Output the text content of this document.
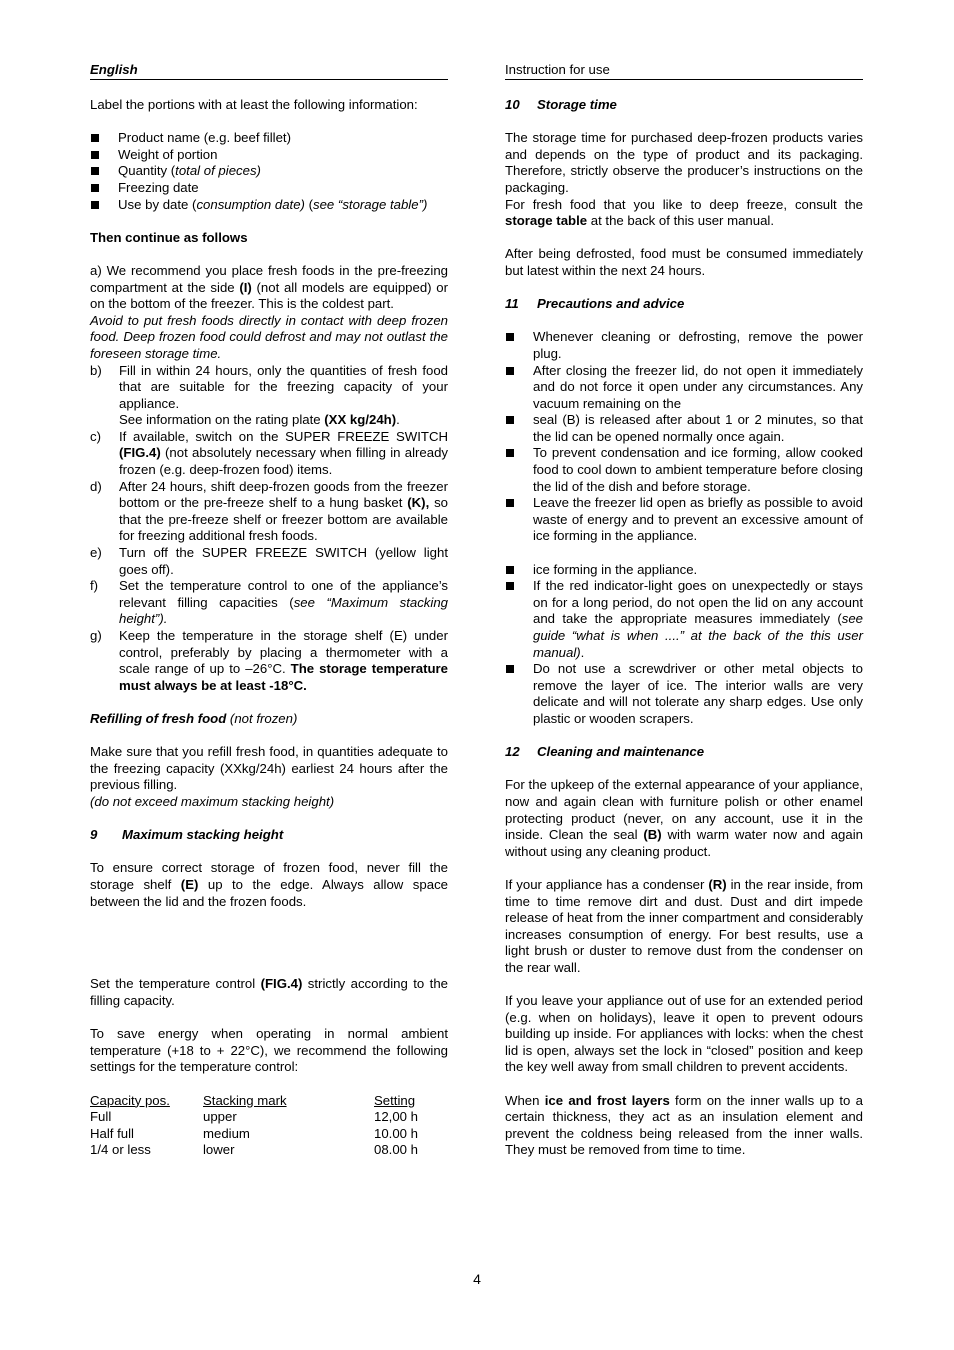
English

Label the portions with at least the following information:

Product name (e.g. beef fillet)
Weight of portion
Quantity (total of pieces)
Freezing date
Use by date (consumption date) (see “storage table”)
Then continue as follows

a) We recommend you place fresh foods in the pre-freezing compartment at the side (I) (not all models are equipped) or on the bottom of the freezer. This is the coldest part.

Avoid to put fresh foods directly in contact with deep frozen food. Deep frozen food could defrost and may not outlast the foreseen storage time.

b) Fill in within 24 hours, only the quantities of fresh food that are suitable for the freezing capacity of your appliance.
See information on the rating plate (XX kg/24h).
c) If available, switch on the SUPER FREEZE SWITCH (FIG.4) (not absolutely necessary when filling in already frozen (e.g. deep-frozen food) items.
d) After 24 hours, shift deep-frozen goods from the freezer bottom or the pre-freeze shelf to a hung basket (K), so that the pre-freeze shelf or freezer bottom are available for freezing additional fresh foods.
e) Turn off the SUPER FREEZE SWITCH (yellow light goes off).
f) Set the temperature control to one of the appliance’s relevant filling capacities (see “Maximum stacking height”).
g) Keep the temperature in the storage shelf (E) under control, preferably by placing a thermometer with a scale range of up to –26°C. The storage temperature must always be at least -18°C.
Refilling of fresh food (not frozen)

Make sure that you refill fresh food, in quantities adequate to the freezing capacity (XXkg/24h) earliest 24 hours after the previous filling.

(do not exceed maximum stacking height)

9 Maximum stacking height

To ensure correct storage of frozen food, never fill the storage shelf (E) up to the edge. Always allow space between the lid and the frozen foods.

Set the temperature control (FIG.4) strictly according to the filling capacity.

To save energy when operating in normal ambient temperature (+18 to + 22°C), we recommend the following settings for the temperature control:

Capacity pos.	Stacking mark	Setting
Full	upper	12,00 h
Half full	medium	10.00 h
1/4 or less	lower	08.00 h
Instruction for use
10 Storage time

The storage time for purchased deep-frozen products varies and depends on the type of product and its packaging. Therefore, strictly observe the producer’s instructions on the packaging.

For fresh food that you like to deep freeze, consult the storage table at the back of this user manual.

After being defrosted, food must be consumed immediately but latest within the next 24 hours.

11 Precautions and advice
Whenever cleaning or defrosting, remove the power plug.
After closing the freezer lid, do not open it immediately and do not force it open under any circumstances. Any vacuum remaining on the
seal (B) is released after about 1 or 2 minutes, so that the lid can be opened normally once again.
To prevent condensation and ice forming, allow cooked food to cool down to ambient temperature before closing the lid of the dish and before storage.
Leave the freezer lid open as briefly as possible to avoid waste of energy and to prevent an excessive amount of ice forming in the appliance.
ice forming in the appliance.
If the red indicator-light goes on unexpectedly or stays on for a long period, do not open the lid on any account and take the appropriate measures immediately (see guide “what is when ....” at the back of the this user manual).
Do not use a screwdriver or other metal objects to remove the layer of ice. The interior walls are very delicate and will not tolerate any sharp edges. Use only plastic or wooden scrapers.
12 Cleaning and maintenance

For the upkeep of the external appearance of your appliance, now and again clean with furniture polish or other enamel protecting product (never, on any account, use it in the inside. Clean the seal (B) with warm water now and again without using any cleaning product.

If your appliance has a condenser (R) in the rear inside, from time to time remove dirt and dust. Dust and dirt impede release of heat from the inner compartment and considerably increases consumption of energy. For best results, use a light brush or duster to remove dust from the condenser on the rear wall.

If you leave your appliance out of use for an extended period (e.g. when on holidays), leave it open to prevent odours building up inside. For appliances with locks: when the chest lid is open, always set the lock in “closed” position and keep the key well away from small children to prevent accidents.

When ice and frost layers form on the inner walls up to a certain thickness, they act as an insulation element and prevent the coldness being released from the inner walls. They must be removed from time to time.

4
